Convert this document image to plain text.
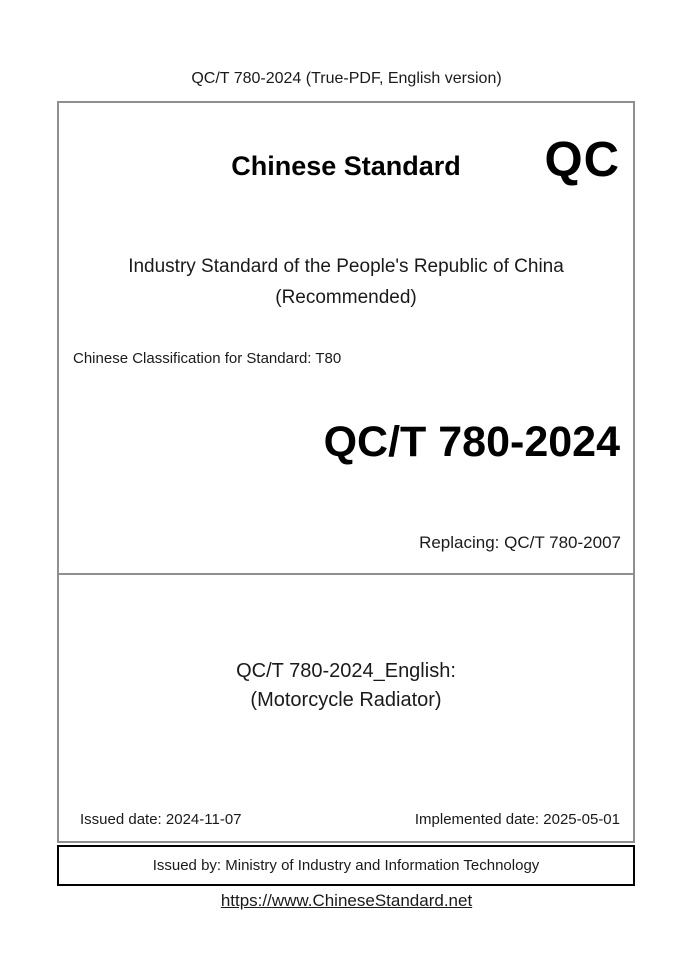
QC/T 780-2024 (True-PDF, English version)
Chinese Standard	QC
Industry Standard of the People's Republic of China
(Recommended)
Chinese Classification for Standard: T80
QC/T 780-2024
Replacing: QC/T 780-2007
QC/T 780-2024_English:
(Motorcycle Radiator)
Issued date: 2024-11-07	Implemented date: 2025-05-01
Issued by: Ministry of Industry and Information Technology
https://www.ChineseStandard.net
